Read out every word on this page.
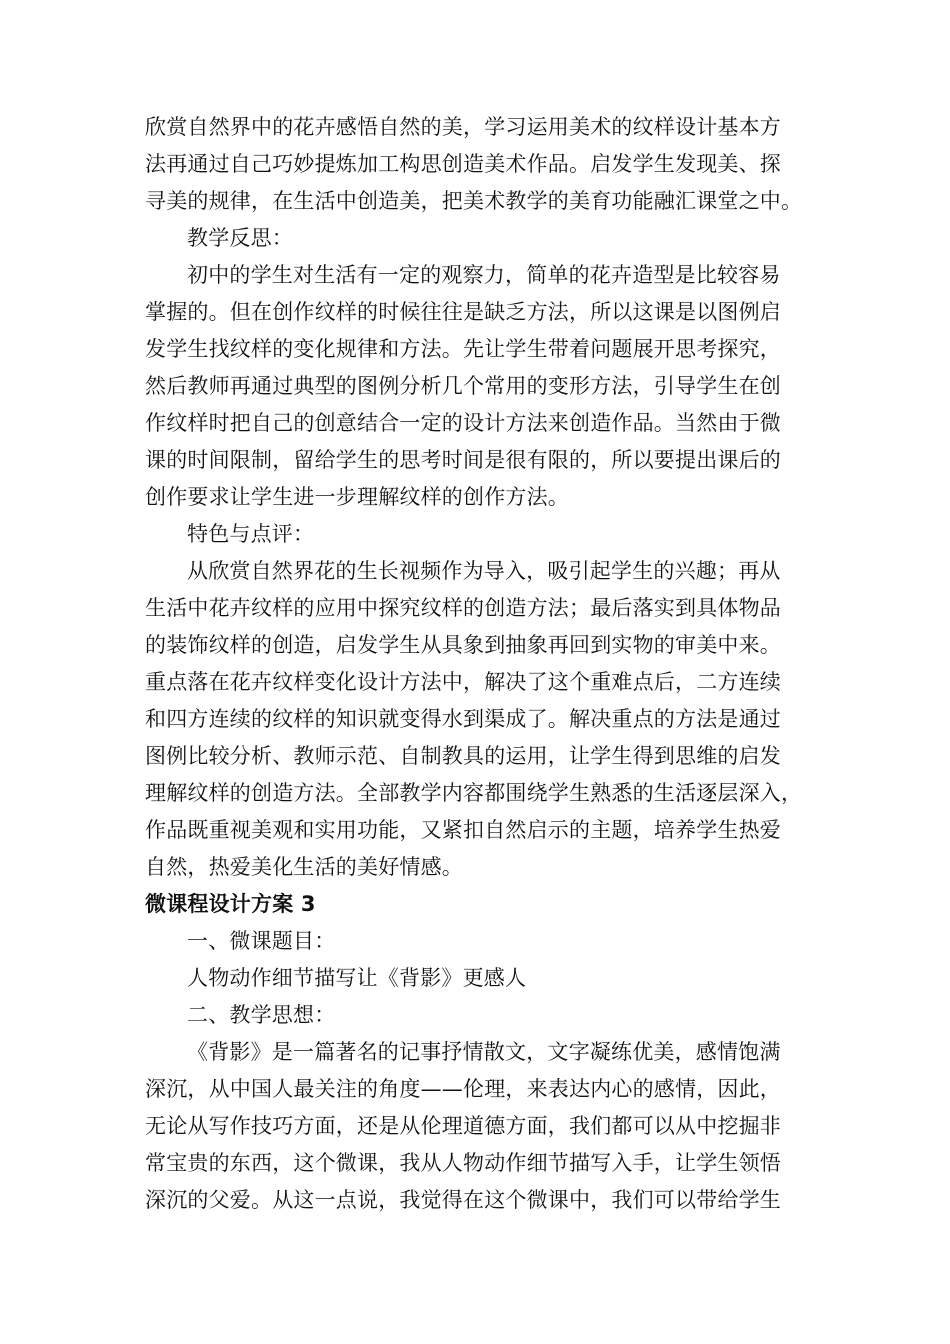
欣赏自然界中的花卉感悟自然的美，学习运用美术的纹样设计基本方
法再通过自己巧妙提炼加工构思创造美术作品。启发学生发现美、探
寻美的规律，在生活中创造美，把美术教学的美育功能融汇课堂之中。
教学反思：
初中的学生对生活有一定的观察力，简单的花卉造型是比较容易
掌握的。但在创作纹样的时候往往是缺乏方法，所以这课是以图例启
发学生找纹样的变化规律和方法。先让学生带着问题展开思考探究，
然后教师再通过典型的图例分析几个常用的变形方法，引导学生在创
作纹样时把自己的创意结合一定的设计方法来创造作品。当然由于微
课的时间限制，留给学生的思考时间是很有限的，所以要提出课后的
创作要求让学生进一步理解纹样的创作方法。
特色与点评：
从欣赏自然界花的生长视频作为导入，吸引起学生的兴趣；再从
生活中花卉纹样的应用中探究纹样的创造方法；最后落实到具体物品
的装饰纹样的创造，启发学生从具象到抽象再回到实物的审美中来。
重点落在花卉纹样变化设计方法中，解决了这个重难点后，二方连续
和四方连续的纹样的知识就变得水到渠成了。解决重点的方法是通过
图例比较分析、教师示范、自制教具的运用，让学生得到思维的启发
理解纹样的创造方法。全部教学内容都围绕学生熟悉的生活逐层深入，
作品既重视美观和实用功能，又紧扣自然启示的主题，培养学生热爱
自然，热爱美化生活的美好情感。
微课程设计方案 3
一、微课题目：
人物动作细节描写让《背影》更感人
二、教学思想：
《背影》是一篇著名的记事抒情散文，文字凝练优美，感情饱满
深沉，从中国人最关注的角度——伦理，来表达内心的感情，因此，
无论从写作技巧方面，还是从伦理道德方面，我们都可以从中挖掘非
常宝贵的东西，这个微课，我从人物动作细节描写入手，让学生领悟
深沉的父爱。从这一点说，我觉得在这个微课中，我们可以带给学生
